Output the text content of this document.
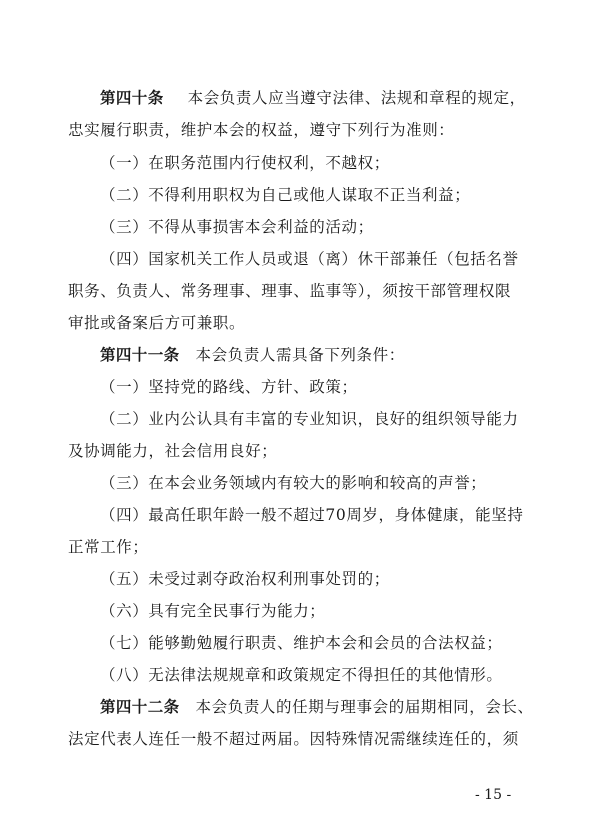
第四十条 本会负责人应当遵守法律、法规和章程的规定，
忠实履行职责，维护本会的权益，遵守下列行为准则：
（一）在职务范围内行使权利，不越权；
（二）不得利用职权为自己或他人谋取不正当利益；
（三）不得从事损害本会利益的活动；
（四）国家机关工作人员或退（离）休干部兼任（包括名誉
职务、负责人、常务理事、理事、监事等），须按干部管理权限
审批或备案后方可兼职。
第四十一条 本会负责人需具备下列条件：
（一）坚持党的路线、方针、政策；
（二）业内公认具有丰富的专业知识，良好的组织领导能力
及协调能力，社会信用良好；
（三）在本会业务领域内有较大的影响和较高的声誉；
（四）最高任职年龄一般不超过70周岁，身体健康，能坚持
正常工作；
（五）未受过剥夺政治权利刑事处罚的；
（六）具有完全民事行为能力；
（七）能够勤勉履行职责、维护本会和会员的合法权益；
（八）无法律法规规章和政策规定不得担任的其他情形。
第四十二条 本会负责人的任期与理事会的届期相同，会长、
法定代表人连任一般不超过两届。因特殊情况需继续连任的，须
- 15 -
